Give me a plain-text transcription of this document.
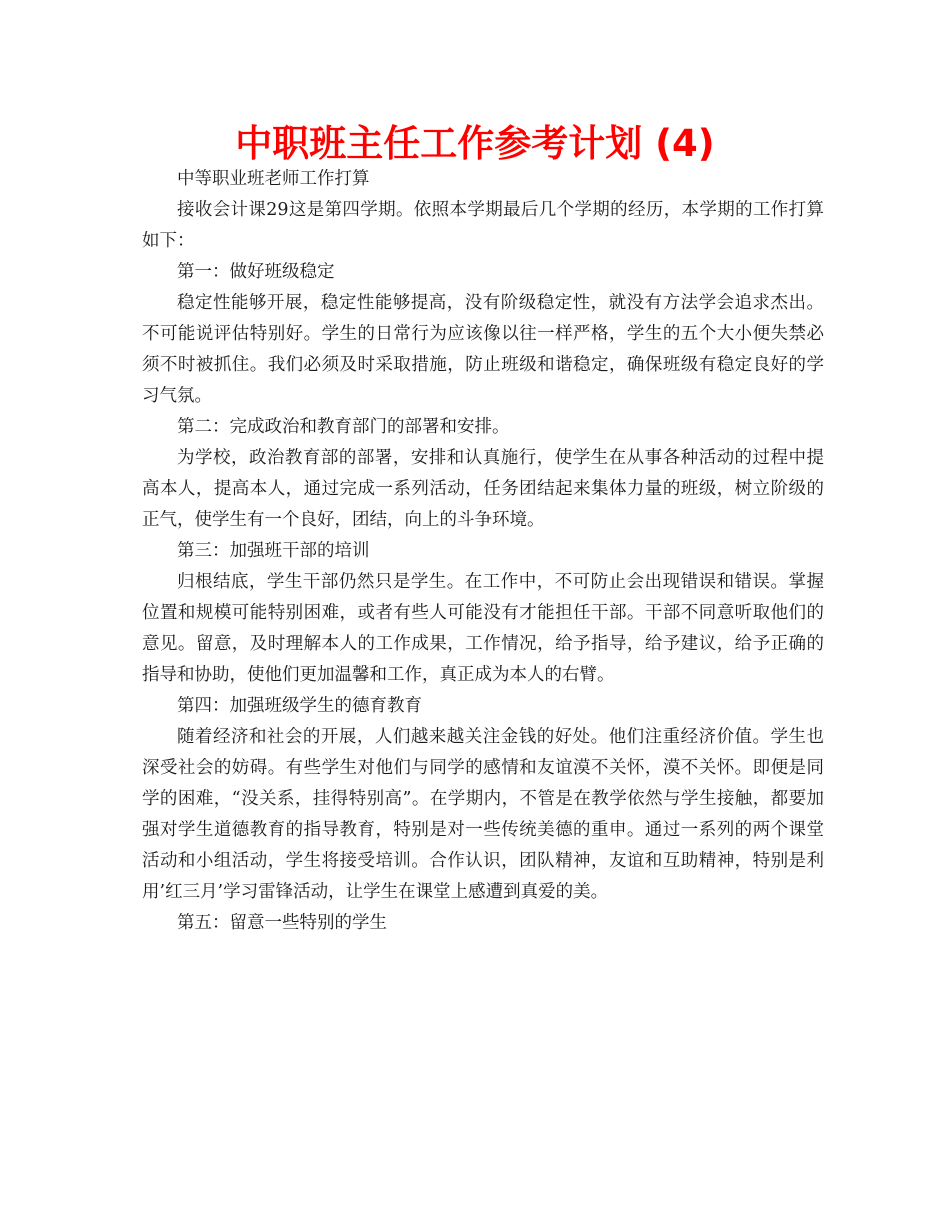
中职班主任工作参考计划 (4)

中等职业班老师工作打算

接收会计课29这是第四学期。依照本学期最后几个学期的经历，本学期的工作打算如下：

第一：做好班级稳定

稳定性能够开展，稳定性能够提高，没有阶级稳定性，就没有方法学会追求杰出。不可能说评估特别好。学生的日常行为应该像以往一样严格，学生的五个大小便失禁必须不时被抓住。我们必须及时采取措施，防止班级和谐稳定，确保班级有稳定良好的学习气氛。

第二：完成政治和教育部门的部署和安排。

为学校，政治教育部的部署，安排和认真施行，使学生在从事各种活动的过程中提高本人，提高本人，通过完成一系列活动，任务团结起来集体力量的班级，树立阶级的正气，使学生有一个良好，团结，向上的斗争环境。

第三：加强班干部的培训

归根结底，学生干部仍然只是学生。在工作中，不可防止会出现错误和错误。掌握位置和规模可能特别困难，或者有些人可能没有才能担任干部。干部不同意听取他们的意见。留意，及时理解本人的工作成果，工作情况，给予指导，给予建议，给予正确的指导和协助，使他们更加温馨和工作，真正成为本人的右臂。

第四：加强班级学生的德育教育

随着经济和社会的开展，人们越来越关注金钱的好处。他们注重经济价值。学生也深受社会的妨碍。有些学生对他们与同学的感情和友谊漠不关怀，漠不关怀。即便是同学的困难，“没关系，挂得特别高”。在学期内，不管是在教学依然与学生接触，都要加强对学生道德教育的指导教育，特别是对一些传统美德的重申。通过一系列的两个课堂活动和小组活动，学生将接受培训。合作认识，团队精神，友谊和互助精神，特别是利用’红三月’学习雷锋活动，让学生在课堂上感遭到真爱的美。

第五：留意一些特别的学生
